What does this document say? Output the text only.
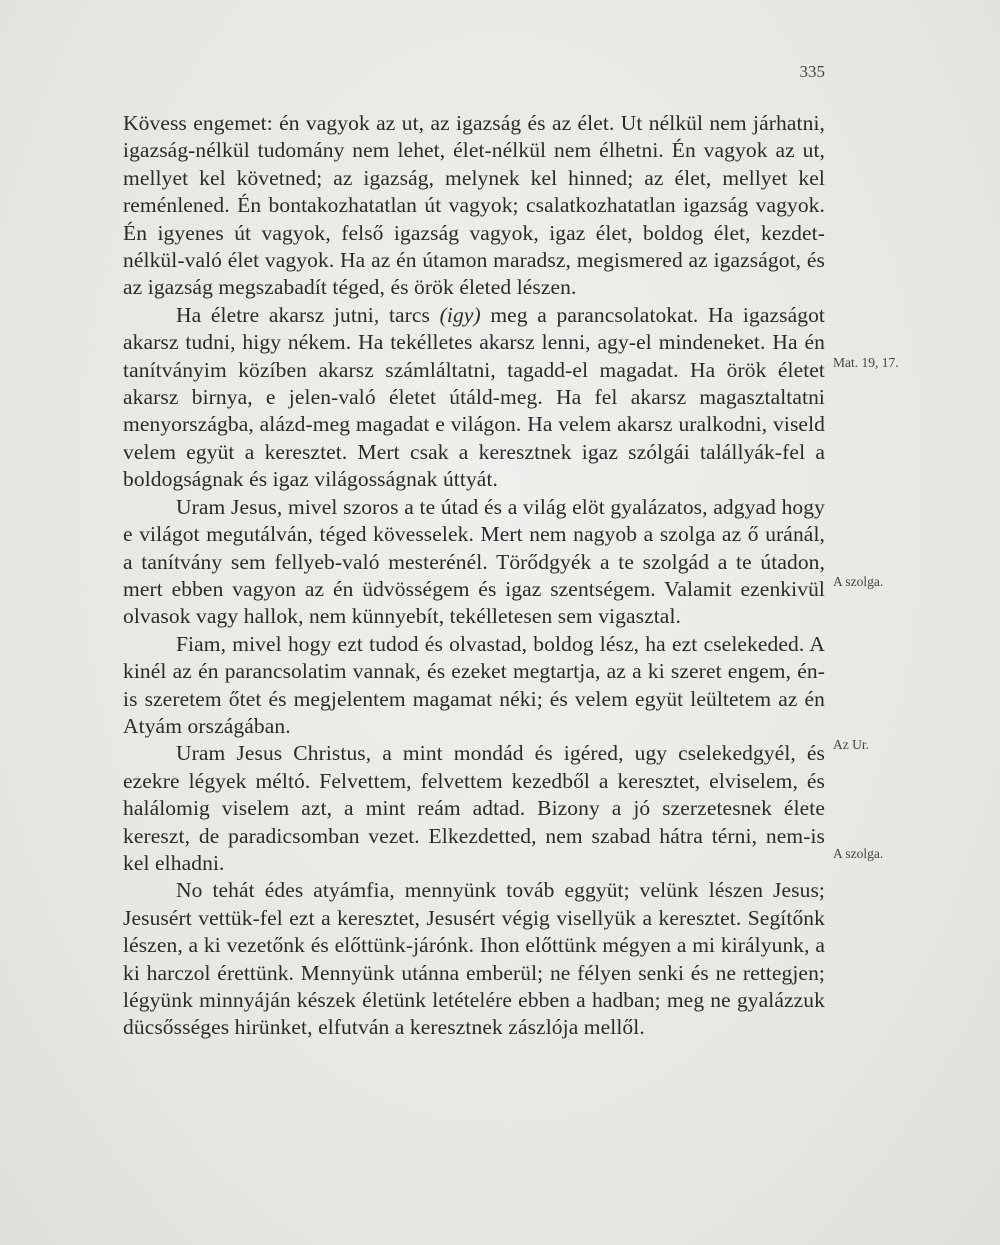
335

Kövess engemet: én vagyok az ut, az igazság és az élet. Ut nélkül nem járhatni, igazság-nélkül tudomány nem lehet, élet-nélkül nem élhetni. Én vagyok az ut, mellyet kel követned; az igazság, melynek kel hinned; az élet, mellyet kel reménlened. Én bontakozhatatlan út vagyok; csalatkozhatatlan igazság vagyok. Én igyenes út vagyok, felső igazság vagyok, igaz élet, boldog élet, kezdet-nélkül-való élet vagyok. Ha az én útamon maradsz, megismered az igazságot, és az igazság megszabadít téged, és örök életed lészen.

Ha életre akarsz jutni, tarcs (igy) meg a parancsolatokat. Ha igazságot akarsz tudni, higy nékem. Ha tekélletes akarsz lenni, agy-el mindeneket. Ha én tanítványim közíben akarsz számláltatni, tagadd-el magadat. Ha örök életet akarsz birnya, e jelen-való életet útáld-meg. Ha fel akarsz magasztaltatni menyországba, alázd-meg magadat e világon. Ha velem akarsz uralkodni, viseld velem együt a keresztet. Mert csak a keresztnek igaz szólgái talállyák-fel a boldogságnak és igaz világosságnak úttyát.

Uram Jesus, mivel szoros a te útad és a világ elöt gyalázatos, adgyad hogy e világot megutálván, téged kövesselek. Mert nem nagyob a szolga az ő uránál, a tanítvány sem fellyeb-való mesterénél. Törődgyék a te szolgád a te útadon, mert ebben vagyon az én üdvösségem és igaz szentségem. Valamit ezenkivül olvasok vagy hallok, nem künnyebít, tekélletesen sem vigasztal.

Fiam, mivel hogy ezt tudod és olvastad, boldog lész, ha ezt cselekeded. A kinél az én parancsolatim vannak, és ezeket megtartja, az a ki szeret engem, én-is szeretem őtet és megjelentem magamat néki; és velem együt leültetem az én Atyám országában.

Uram Jesus Christus, a mint mondád és igéred, ugy cselekedgyél, és ezekre légyek méltó. Felvettem, felvettem kezedből a keresztet, elviselem, és halálomig viselem azt, a mint reám adtad. Bizony a jó szerzetesnek élete kereszt, de paradicsomban vezet. Elkezdetted, nem szabad hátra térni, nem-is kel elhadni.

No tehát édes atyámfia, mennyünk továb eggyüt; velünk lészen Jesus; Jesusért vettük-fel ezt a keresztet, Jesusért végig visellyük a keresztet. Segítőnk lészen, a ki vezetőnk és előttünk-járónk. Ihon előttünk mégyen a mi királyunk, a ki harczol érettünk. Mennyünk utánna emberül; ne félyen senki és ne rettegjen; légyünk minnyáján készek életünk letételére ebben a hadban; meg ne gyalázzuk dücsősséges hirünket, elfutván a keresztnek zászlója mellől.

Mat. 19, 17.
A szolga.
Az Ur.
A szolga.
